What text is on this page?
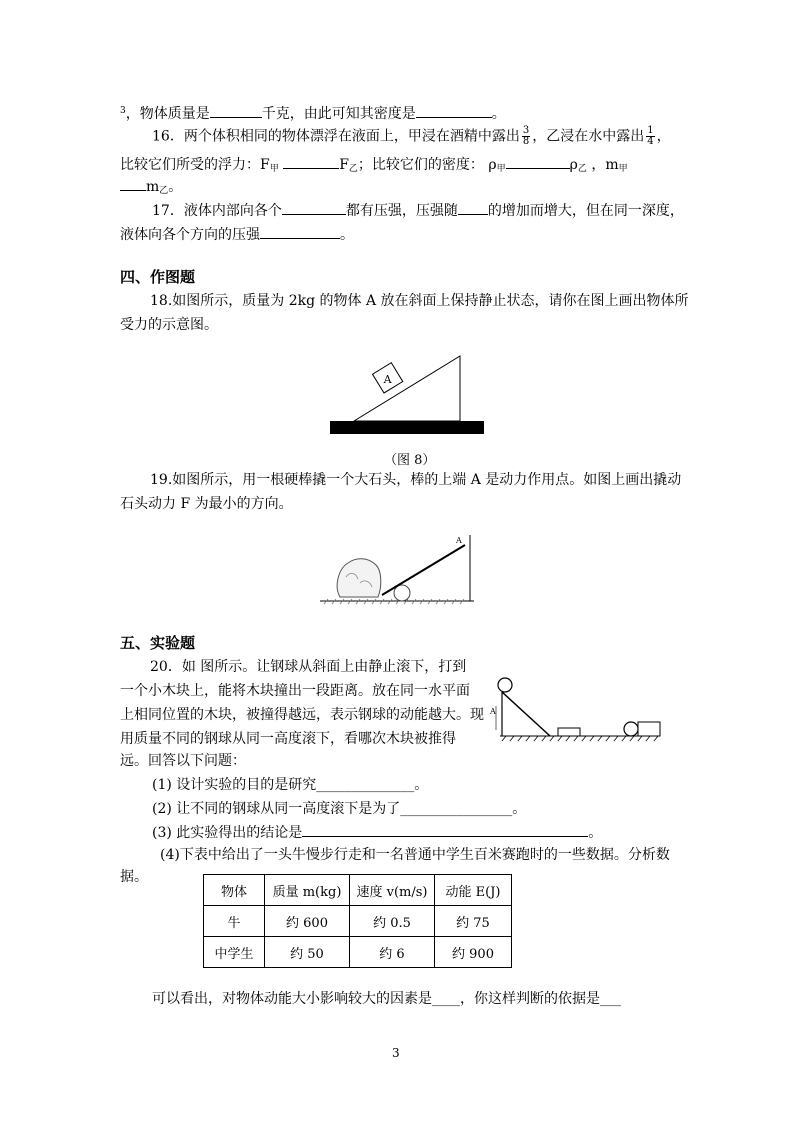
$^3$，物体质量是	千克，由此可知其密度是	。
16．两个体积相同的物体漂浮在液面上，甲浸在酒精中露出 $\frac{3}{8}$ ，乙浸在水中露出 $\frac{1}{4}$ ，
比较它们所受的浮力：$F_甲$	$F_乙$；比较它们的密度： $\rho_甲$	$\rho_乙$ ，$m_甲$
$m_乙$。
17．液体内部向各个	都有压强，压强随 的增加而增大，但在同一深度，
液体向各个方向的压强	。
四、作图题
18.如图所示，质量为 2kg 的物体 A 放在斜面上保持静止状态，请你在图上画出物体所
受力的示意图。
A
（图 8）
19.如图所示，用一根硬棒撬一个大石头，棒的上端 A 是动力作用点。如图上画出撬动
石头动力 F 为最小的方向。
A
五、实验题
20．如 图所示。让钢球从斜面上由静止滚下，打到
一个小木块上，能将木块撞出一段距离。放在同一水平面
上相同位置的木块，被撞得越远，表示钢球的动能越大。现
用质量不同的钢球从同一高度滚下，看哪次木块被推得
远。回答以下问题：
A
(1) 设计实验的目的是研究______________。
(2) 让不同的钢球从同一高度滚下是为了________________。
(3) 此实验得出的结论是	。
(4)下表中给出了一头牛慢步行走和一名普通中学生百米赛跑时的一些数据。分析数
据。
物体	质量 m(kg)	速度 v(m/s)	动能 E(J)
牛	约 600	约 0.5	约 75
中学生	约 50	约 6	约 900
可以看出，对物体动能大小影响较大的因素是____，你这样判断的依据是___
3
